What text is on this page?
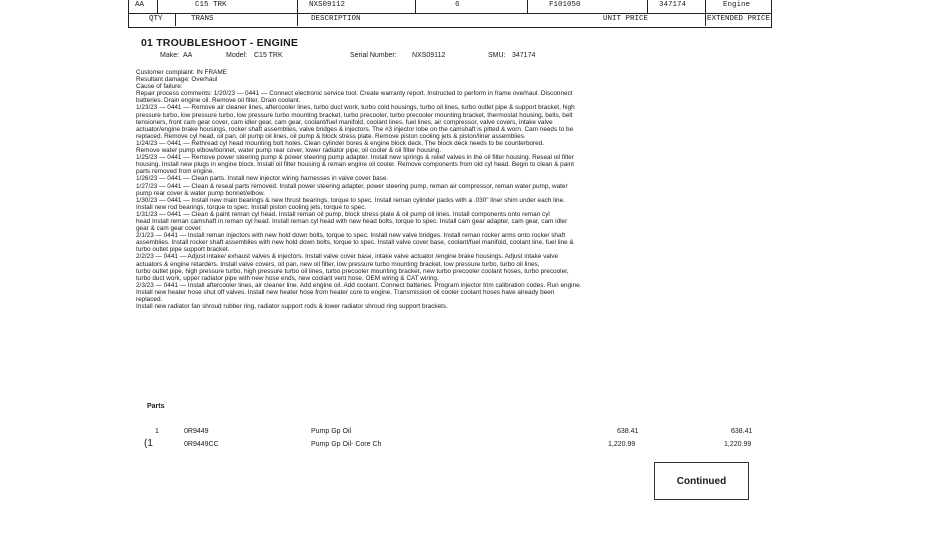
AA	C15 TRK	NXS09112	6	F101050	347174	Engine
QTY	TRANS	DESCRIPTION	UNIT PRICE	EXTENDED PRICE
01 TROUBLESHOOT - ENGINE
Make: AA	Model: C15 TRK	Serial Number: NXS09112	SMU: 347174

Customer complaint: IN FRAME

Resultant damage: Overhaul

Cause of failure:

Repair process comments: 1/20/23 — 0441 — Connect electronic service tool. Create warranty report. Instructed to perform in frame overhaul. Disconnect

batteries. Drain engine oil. Remove oil filter. Drain coolant.

1/23/23 — 0441 — Remove air cleaner lines, aftercooler lines, turbo duct work, turbo cold housings, turbo oil lines, turbo outlet pipe & support bracket, high

pressure turbo, low pressure turbo, low pressure turbo mounting bracket, turbo precooler, turbo precooler mounting bracket, thermostat housing, belts, belt

tensioners, front cam gear cover, cam idler gear, cam gear, coolant/fuel manifold, coolant lines, fuel lines, air compressor, valve covers, intake valve

actuator/engine brake housings, rocker shaft assemblies, valve bridges & injectors. The #3 injector lobe on the camshaft is pitted & worn. Cam needs to be

replaced. Remove cyl head, oil pan, oil pump oil lines, oil pump & block stress plate. Remove piston cooling jets & piston/liner assemblies.

1/24/23 — 0441 — Rethread cyl head mounting bolt holes. Clean cylinder bores & engine block deck. The block deck needs to be counterbored.

Remove water pump elbow/bonnet, water pump rear cover, lower radiator pipe, oil cooler & oil filter housing.

1/25/23 — 0441 — Remove power steering pump & power steering pump adapter. Install new springs & relief valves in the oil filter housing. Reseal oil filter

housing. Install new plugs in engine block. Install oil filter housing & reman engine oil cooler. Remove components from old cyl head. Begin to clean & paint

parts removed from engine.

1/26/23 — 0441 — Clean parts. Install new injector wiring harnesses in valve cover base.

1/27/23 — 0441 — Clean & reseal parts removed. Install power steering adapter, power steering pump, reman air compressor, reman water pump, water

pump rear cover & water pump bonnet/elbow.

1/30/23 — 0441 — Install new main bearings & new thrust bearings, torque to spec. Install reman cylinder packs with a .030" liner shim under each line.

Install new rod bearings, torque to spec. Install piston cooling jets, torque to spec.

1/31/23 — 0441 — Clean & paint reman cyl head. Install reman oil pump, block stress plate & oil pump oil lines. Install components onto reman cyl

head Install reman camshaft in reman cyl head. Install reman cyl head with new head bolts, torque to spec. Install cam gear adapter, cam gear, cam idler

gear & cam gear cover.

2/1/23 — 0441 — Install reman injectors with new hold down bolts, torque to spec. Install new valve bridges. Install reman rocker arms onto rocker shaft

assemblies. Install rocker shaft assemblies with new hold down bolts, torque to spec. Install valve cover base, coolant/fuel manifold, coolant line, fuel line &

turbo outlet pipe support bracket.

2/2/23 — 0441 — Adjust intake/ exhaust valves & injectors. Install valve cover base, intake valve actuator /engine brake housings. Adjust intake valve

actuators & engine retarders. Install valve covers, oil pan, new oil filter, low pressure turbo mounting bracket, low pressure turbo, turbo oil lines,

turbo outlet pipe, high pressure turbo, high pressure turbo oil lines, turbo precooler mounting bracket, new turbo precooler coolant hoses, turbo precooler,

turbo duct work, upper radiator pipe with new hose ends, new coolant vent hose. OEM wiring & CAT wiring.

2/3/23 — 0441 — Install aftercooler lines, air cleaner line. Add engine oil. Add coolant. Connect batteries. Program injector trim calibration codes. Run engine.

Install new heater hose shut off valves. Install new heater hose from heater core to engine. Transmission oil cooler coolant hoses have already been

replaced.

Install new radiator fan shroud rubber ring, radiator support rods & lower radiator shroud ring support brackets.

Parts
1	0R9449	Pump Gp Oil	638.41	638.41
(1	0R9449CC	Pump Gp Oil- Core Ch	1,220.99	1,220.99
Continued
